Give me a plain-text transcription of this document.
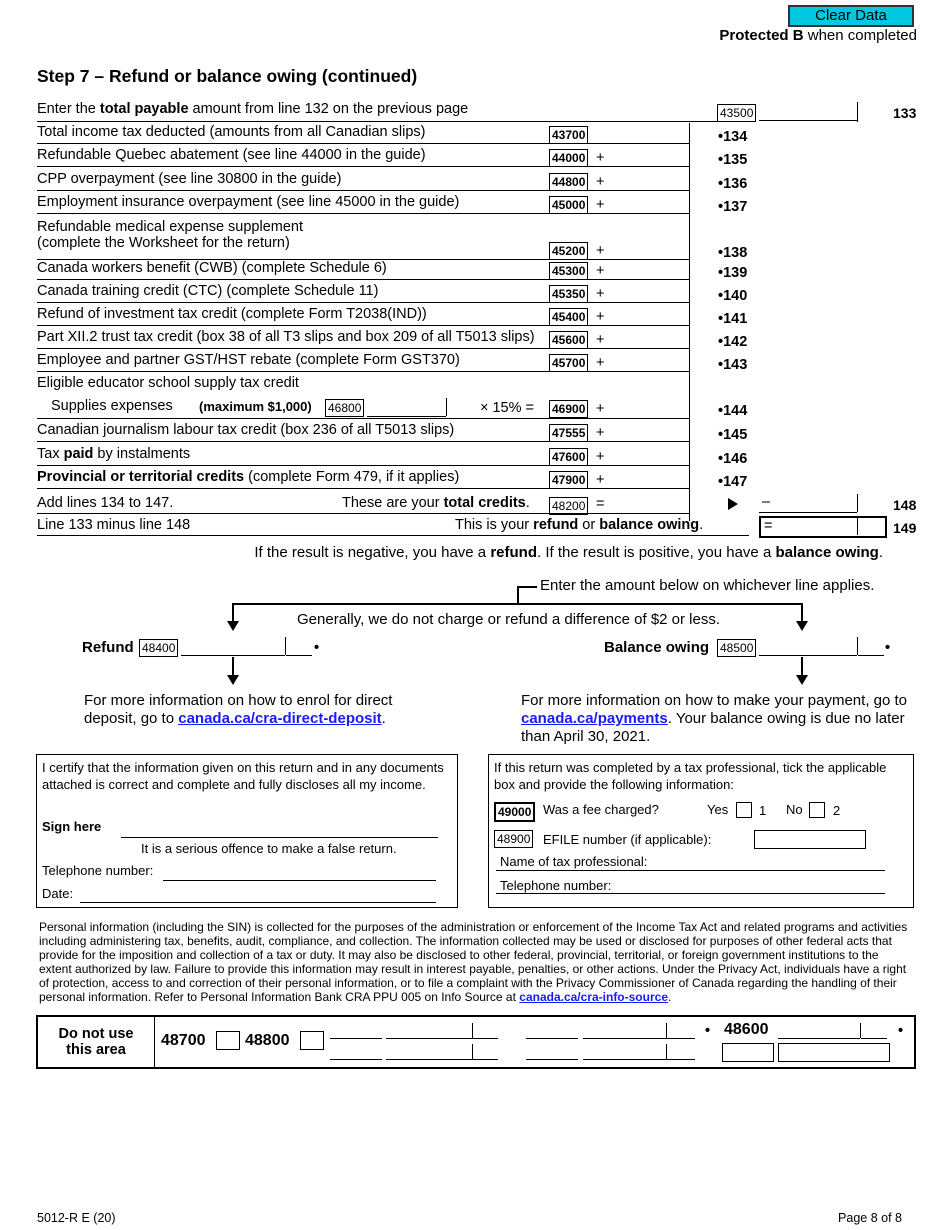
Clear Data
Protected B when completed
Step 7 – Refund or balance owing (continued)
Enter the total payable amount from line 132 on the previous page	43500	133
Total income tax deducted (amounts from all Canadian slips)	43700	•134
Refundable Quebec abatement (see line 44000 in the guide)	44000 +	•135
CPP overpayment (see line 30800 in the guide)	44800 +	•136
Employment insurance overpayment (see line 45000 in the guide)	45000 +	•137
Refundable medical expense supplement
(complete the Worksheet for the return)	45200 +	•138
Canada workers benefit (CWB) (complete Schedule 6)	45300 +	•139
Canada training credit (CTC) (complete Schedule 11)	45350 +	•140
Refund of investment tax credit (complete Form T2038(IND))	45400 +	•141
Part XII.2 trust tax credit (box 38 of all T3 slips and box 209 of all T5013 slips) 45600 +	•142
Employee and partner GST/HST rebate (complete Form GST370)	45700 +	•143
Eligible educator school supply tax credit
Supplies expenses (maximum $1,000) 46800	× 15% = 46900 +	•144
Canadian journalism labour tax credit (box 236 of all T5013 slips)	47555 +	•145
Tax paid by instalments	47600 +	•146
Provincial or territorial credits (complete Form 479, if it applies)	47900 +	•147
Add lines 134 to 147.	These are your total credits. 48200 =	–	148
Line 133 minus line 148	This is your refund or balance owing.	=	149
If the result is negative, you have a refund. If the result is positive, you have a balance owing.
Enter the amount below on whichever line applies.
Generally, we do not charge or refund a difference of $2 or less.
Refund 48400	•	Balance owing 48500	•
For more information on how to enrol for direct deposit, go to canada.ca/cra-direct-deposit.
For more information on how to make your payment, go to canada.ca/payments. Your balance owing is due no later than April 30, 2021.
I certify that the information given on this return and in any documents attached is correct and complete and fully discloses all my income.
Sign here
It is a serious offence to make a false return.
Telephone number:
Date:
If this return was completed by a tax professional, tick the applicable box and provide the following information:
49000 Was a fee charged?	Yes 1 No 2
48900 EFILE number (if applicable):
Name of tax professional:
Telephone number:
Personal information (including the SIN) is collected for the purposes of the administration or enforcement of the Income Tax Act and related programs and activities including administering tax, benefits, audit, compliance, and collection. The information collected may be used or disclosed for purposes of other federal acts that provide for the imposition and collection of a tax or duty. It may also be disclosed to other federal, provincial, territorial, or foreign government institutions to the extent authorized by law. Failure to provide this information may result in interest payable, penalties, or other actions. Under the Privacy Act, individuals have a right of protection, access to and correction of their personal information, or to file a complaint with the Privacy Commissioner of Canada regarding the handling of their personal information. Refer to Personal Information Bank CRA PPU 005 on Info Source at canada.ca/cra-info-source.
Do not use
this area
48700 48800
• 48600	•
5012-R E (20)	Page 8 of 8
